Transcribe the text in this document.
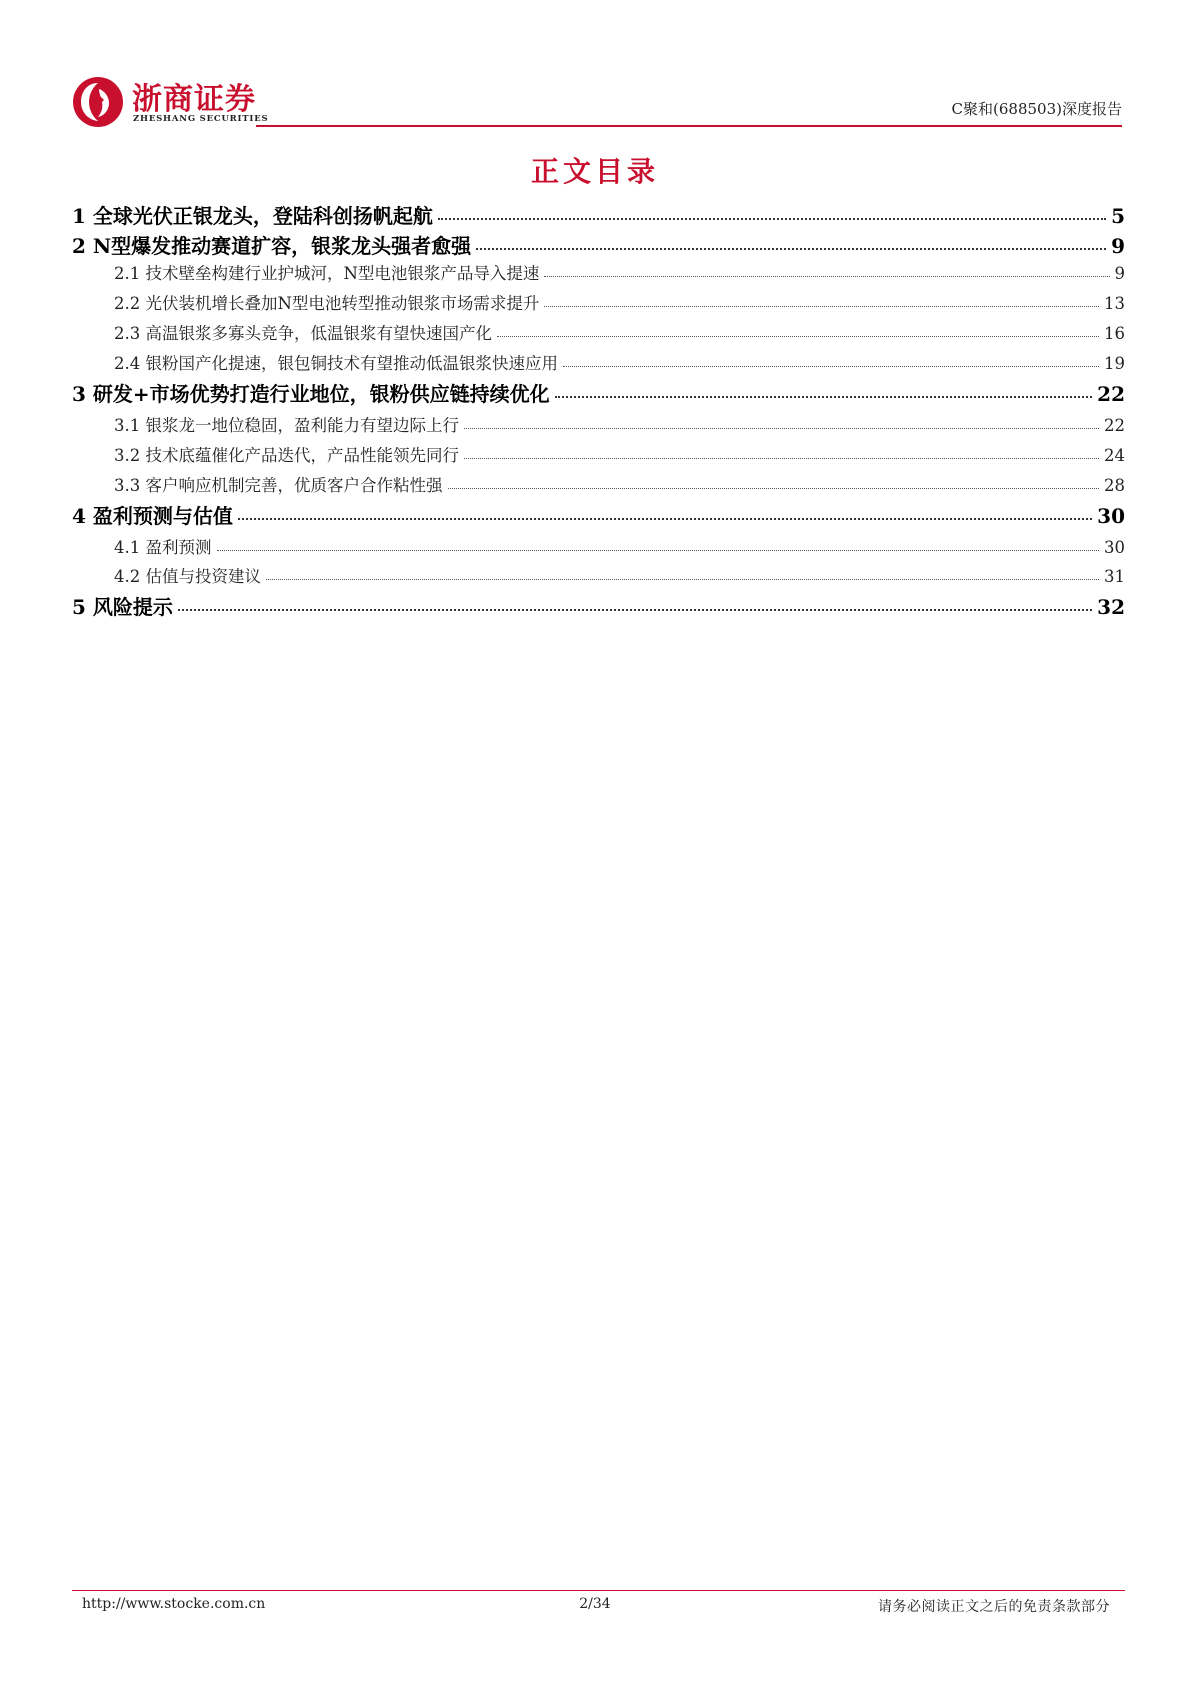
浙商证券
ZHESHANG SECURITIES
C聚和(688503)深度报告
正文目录
1 全球光伏正银龙头，登陆科创扬帆起航	5
2 N型爆发推动赛道扩容，银浆龙头强者愈强	9
2.1 技术壁垒构建行业护城河，N型电池银浆产品导入提速	9
2.2 光伏装机增长叠加N型电池转型推动银浆市场需求提升	13
2.3 高温银浆多寡头竞争，低温银浆有望快速国产化	16
2.4 银粉国产化提速，银包铜技术有望推动低温银浆快速应用	19
3 研发+市场优势打造行业地位，银粉供应链持续优化	22
3.1 银浆龙一地位稳固，盈利能力有望边际上行	22
3.2 技术底蕴催化产品迭代，产品性能领先同行	24
3.3 客户响应机制完善，优质客户合作粘性强	28
4 盈利预测与估值	30
4.1 盈利预测	30
4.2 估值与投资建议	31
5 风险提示	32
http://www.stocke.com.cn	2/34	请务必阅读正文之后的免责条款部分
